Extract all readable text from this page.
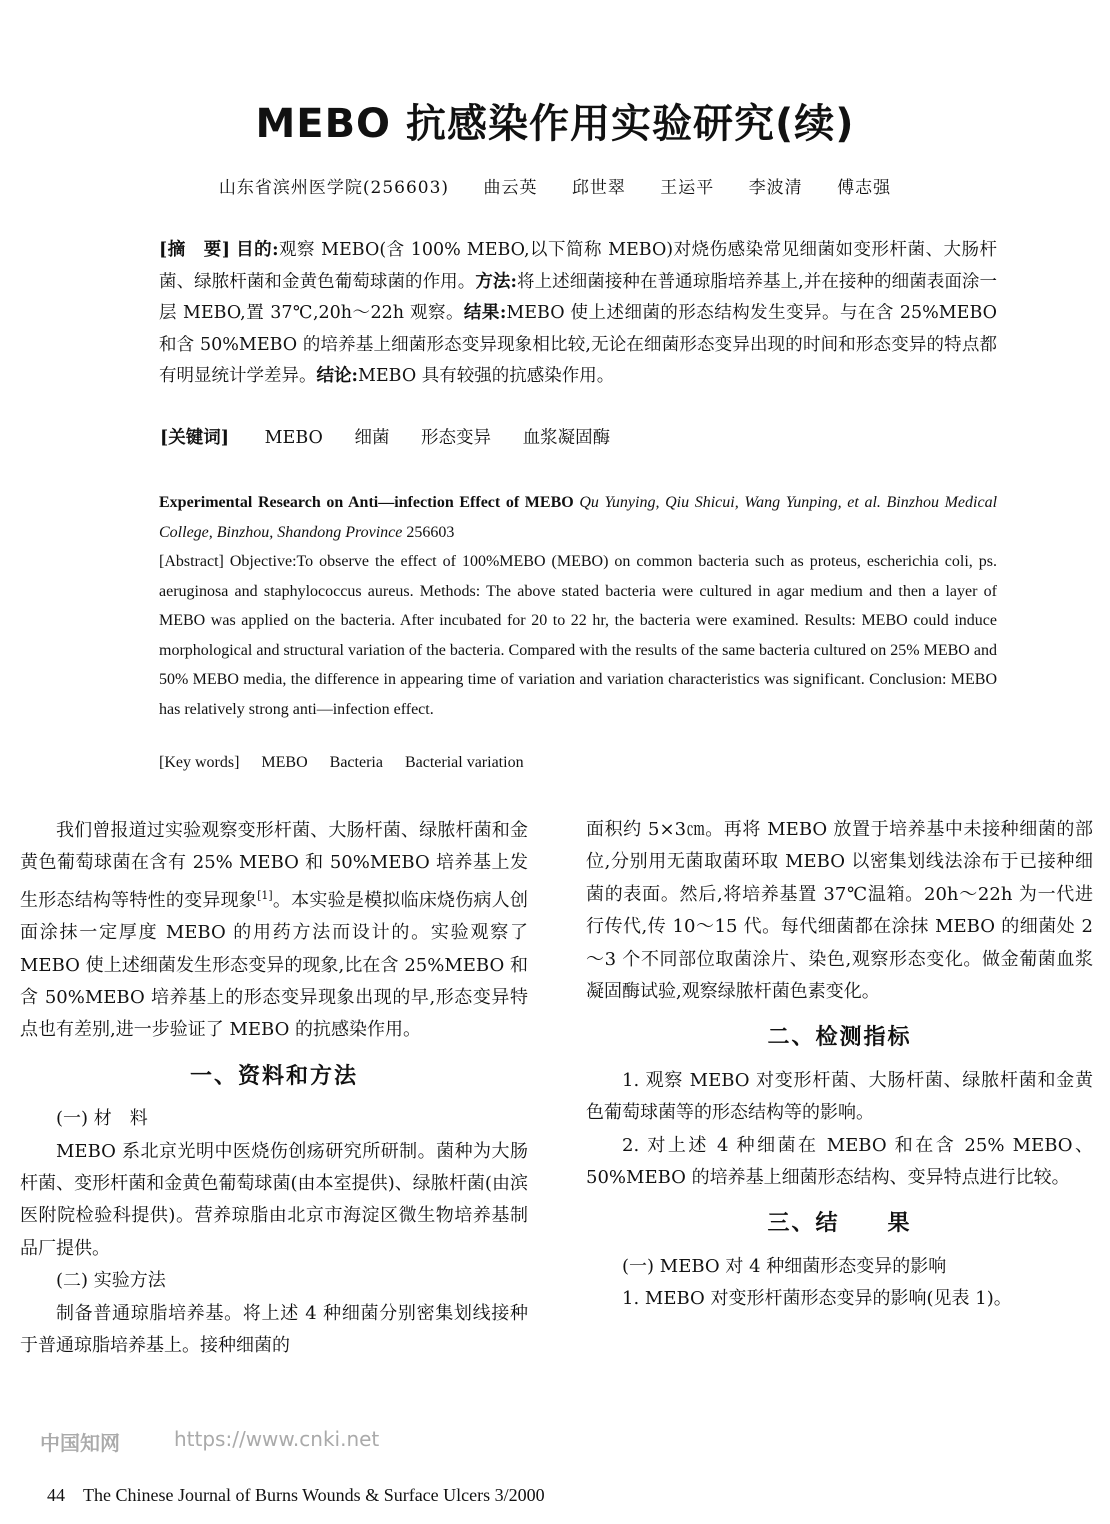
MEBO 抗感染作用实验研究(续)
山东省滨州医学院(256603) 曲云英 邱世翠 王运平 李波清 傅志强
[摘　要] 目的:观察 MEBO(含 100% MEBO,以下简称 MEBO)对烧伤感染常见细菌如变形杆菌、大肠杆菌、绿脓杆菌和金黄色葡萄球菌的作用。方法:将上述细菌接种在普通琼脂培养基上,并在接种的细菌表面涂一层 MEBO,置 37℃,20h～22h 观察。结果:MEBO 使上述细菌的形态结构发生变异。与在含 25%MEBO 和含 50%MEBO 的培养基上细菌形态变异现象相比较,无论在细菌形态变异出现的时间和形态变异的特点都有明显统计学差异。结论:MEBO 具有较强的抗感染作用。
[关键词] MEBO 细菌 形态变异 血浆凝固酶
Experimental Research on Anti—infection Effect of MEBO Qu Yunying, Qiu Shicui, Wang Yunping, et al. Binzhou Medical College, Binzhou, Shandong Province 256603
[Abstract] Objective:To observe the effect of 100%MEBO (MEBO) on common bacteria such as proteus, escherichia coli, ps. aeruginosa and staphylococcus aureus. Methods: The above stated bacteria were cultured in agar medium and then a layer of MEBO was applied on the bacteria. After incubated for 20 to 22 hr, the bacteria were examined. Results: MEBO could induce morphological and structural variation of the bacteria. Compared with the results of the same bacteria cultured on 25% MEBO and 50% MEBO media, the difference in appearing time of variation and variation characteristics was significant. Conclusion: MEBO has relatively strong anti—infection effect.
[Key words] MEBO Bacteria Bacterial variation

我们曾报道过实验观察变形杆菌、大肠杆菌、绿脓杆菌和金黄色葡萄球菌在含有 25% MEBO 和 50%MEBO 培养基上发生形态结构等特性的变异现象[1]。本实验是模拟临床烧伤病人创面涂抹一定厚度 MEBO 的用药方法而设计的。实验观察了 MEBO 使上述细菌发生形态变异的现象,比在含 25%MEBO 和含 50%MEBO 培养基上的形态变异现象出现的早,形态变异特点也有差别,进一步验证了 MEBO 的抗感染作用。

一、资料和方法

(一) 材　料

MEBO 系北京光明中医烧伤创疡研究所研制。菌种为大肠杆菌、变形杆菌和金黄色葡萄球菌(由本室提供)、绿脓杆菌(由滨医附院检验科提供)。营养琼脂由北京市海淀区微生物培养基制品厂提供。

(二) 实验方法

制备普通琼脂培养基。将上述 4 种细菌分别密集划线接种于普通琼脂培养基上。接种细菌的

面积约 5×3㎝。再将 MEBO 放置于培养基中未接种细菌的部位,分别用无菌取菌环取 MEBO 以密集划线法涂布于已接种细菌的表面。然后,将培养基置 37℃温箱。20h～22h 为一代进行传代,传 10～15 代。每代细菌都在涂抹 MEBO 的细菌处 2～3 个不同部位取菌涂片、染色,观察形态变化。做金葡菌血浆凝固酶试验,观察绿脓杆菌色素变化。

二、检测指标

1. 观察 MEBO 对变形杆菌、大肠杆菌、绿脓杆菌和金黄色葡萄球菌等的形态结构等的影响。

2. 对上述 4 种细菌在 MEBO 和在含 25% MEBO、50%MEBO 的培养基上细菌形态结构、变异特点进行比较。

三、结　　果

(一) MEBO 对 4 种细菌形态变异的影响

1. MEBO 对变形杆菌形态变异的影响(见表 1)。

中国知网	https://www.cnki.net
44 The Chinese Journal of Burns Wounds & Surface Ulcers 3/2000
